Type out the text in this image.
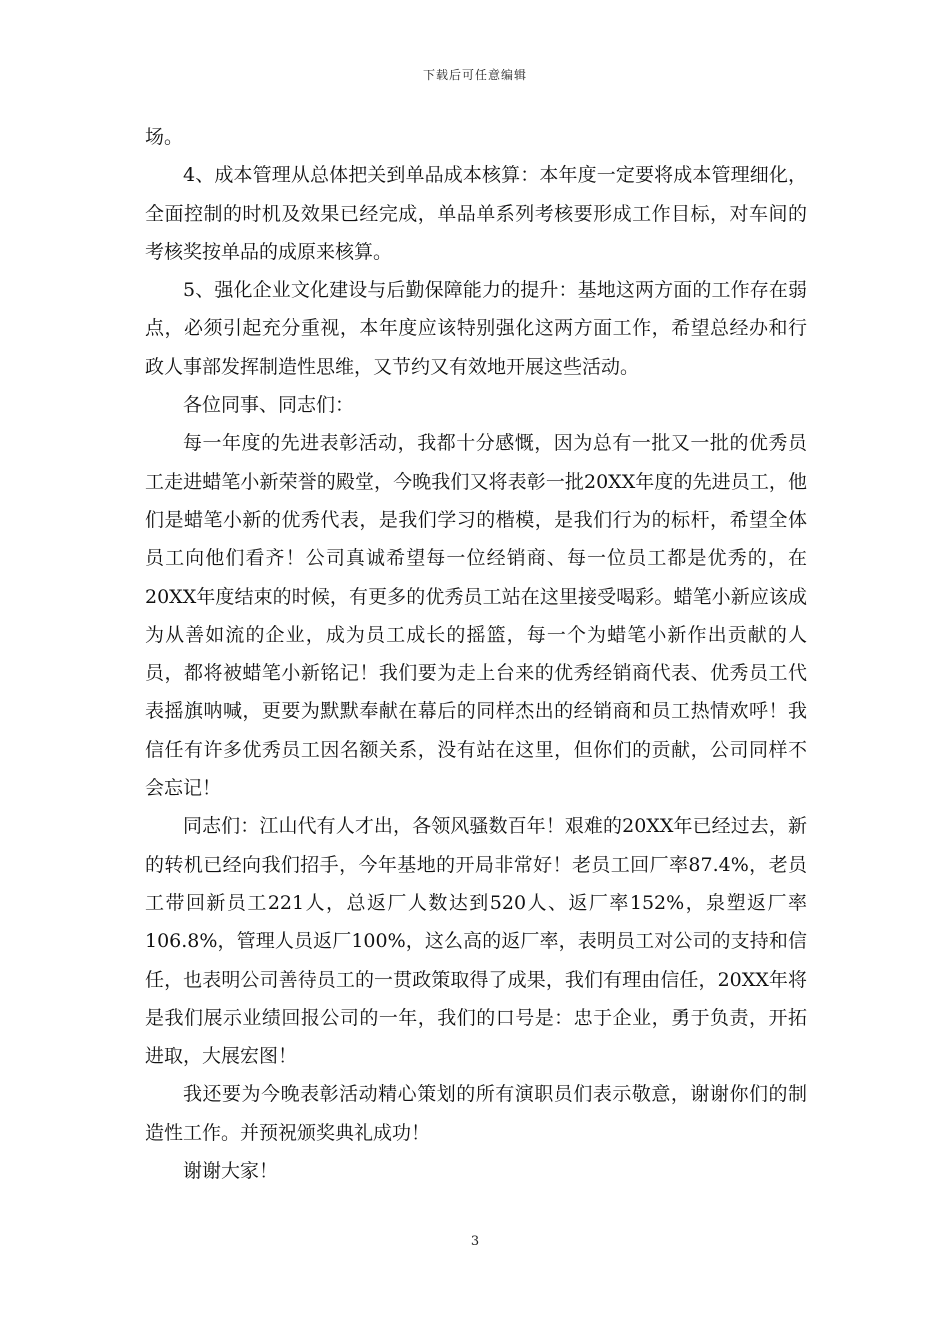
下载后可任意编辑

场。

4、成本管理从总体把关到单品成本核算：本年度一定要将成本管理细化，全面控制的时机及效果已经完成，单品单系列考核要形成工作目标，对车间的考核奖按单品的成原来核算。

5、强化企业文化建设与后勤保障能力的提升：基地这两方面的工作存在弱点，必须引起充分重视，本年度应该特别强化这两方面工作，希望总经办和行政人事部发挥制造性思维，又节约又有效地开展这些活动。

各位同事、同志们：

每一年度的先进表彰活动，我都十分感慨，因为总有一批又一批的优秀员工走进蜡笔小新荣誉的殿堂，今晚我们又将表彰一批20XX年度的先进员工，他们是蜡笔小新的优秀代表，是我们学习的楷模，是我们行为的标杆，希望全体员工向他们看齐！公司真诚希望每一位经销商、每一位员工都是优秀的，在20XX年度结束的时候，有更多的优秀员工站在这里接受喝彩。蜡笔小新应该成为从善如流的企业，成为员工成长的摇篮，每一个为蜡笔小新作出贡献的人员，都将被蜡笔小新铭记！我们要为走上台来的优秀经销商代表、优秀员工代表摇旗呐喊，更要为默默奉献在幕后的同样杰出的经销商和员工热情欢呼！我信任有许多优秀员工因名额关系，没有站在这里，但你们的贡献，公司同样不会忘记！

同志们：江山代有人才出，各领风骚数百年！艰难的20XX年已经过去，新的转机已经向我们招手，今年基地的开局非常好！老员工回厂率87.4%，老员工带回新员工221人，总返厂人数达到520人、返厂率152%，泉塑返厂率106.8%，管理人员返厂100%，这么高的返厂率，表明员工对公司的支持和信任，也表明公司善待员工的一贯政策取得了成果，我们有理由信任，20XX年将是我们展示业绩回报公司的一年，我们的口号是：忠于企业，勇于负责，开拓进取，大展宏图！

我还要为今晚表彰活动精心策划的所有演职员们表示敬意，谢谢你们的制造性工作。并预祝颁奖典礼成功！

谢谢大家！

3
